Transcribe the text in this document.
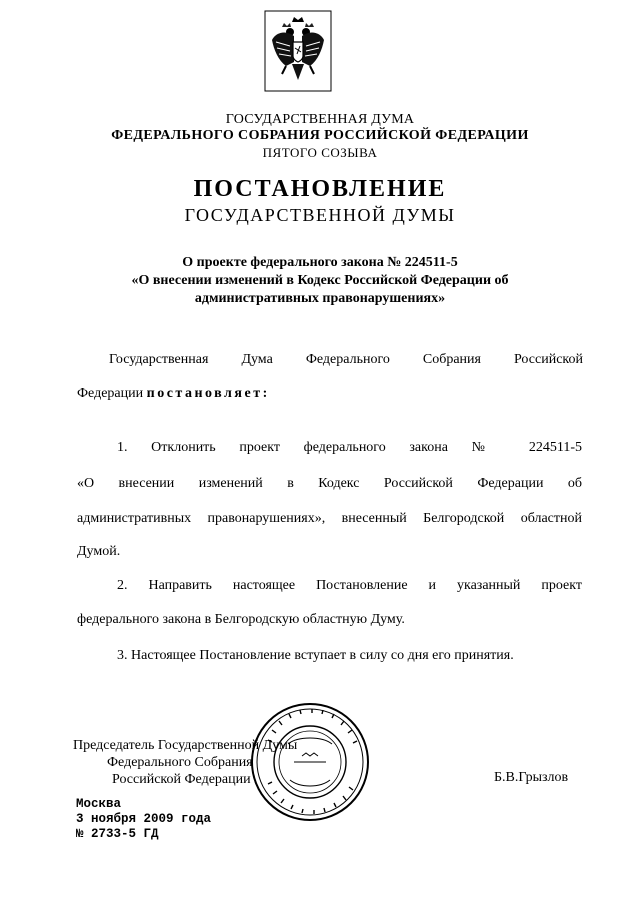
ГОСУДАРСТВЕННАЯ ДУМА
ФЕДЕРАЛЬНОГО СОБРАНИЯ РОССИЙСКОЙ ФЕДЕРАЦИИ
ПЯТОГО СОЗЫВА
ПОСТАНОВЛЕНИЕ
ГОСУДАРСТВЕННОЙ ДУМЫ
О проекте федерального закона № 224511-5
«О внесении изменений в Кодекс Российской Федерации об
административных правонарушениях»
Государственная Дума Федерального Собрания Российской
Федерации постановляет:
1. Отклонить проект федерального закона № 224511-5
«О внесении изменений в Кодекс Российской Федерации об
административных правонарушениях», внесенный Белгородской областной
Думой.
2. Направить настоящее Постановление и указанный проект
федерального закона в Белгородскую областную Думу.
3. Настоящее Постановление вступает в силу со дня его принятия.
Председатель Государственной Думы
Федерального Собрания
Российской Федерации	Б.В.Грызлов
Москва
3 ноября 2009 года
№ 2733-5 ГД
